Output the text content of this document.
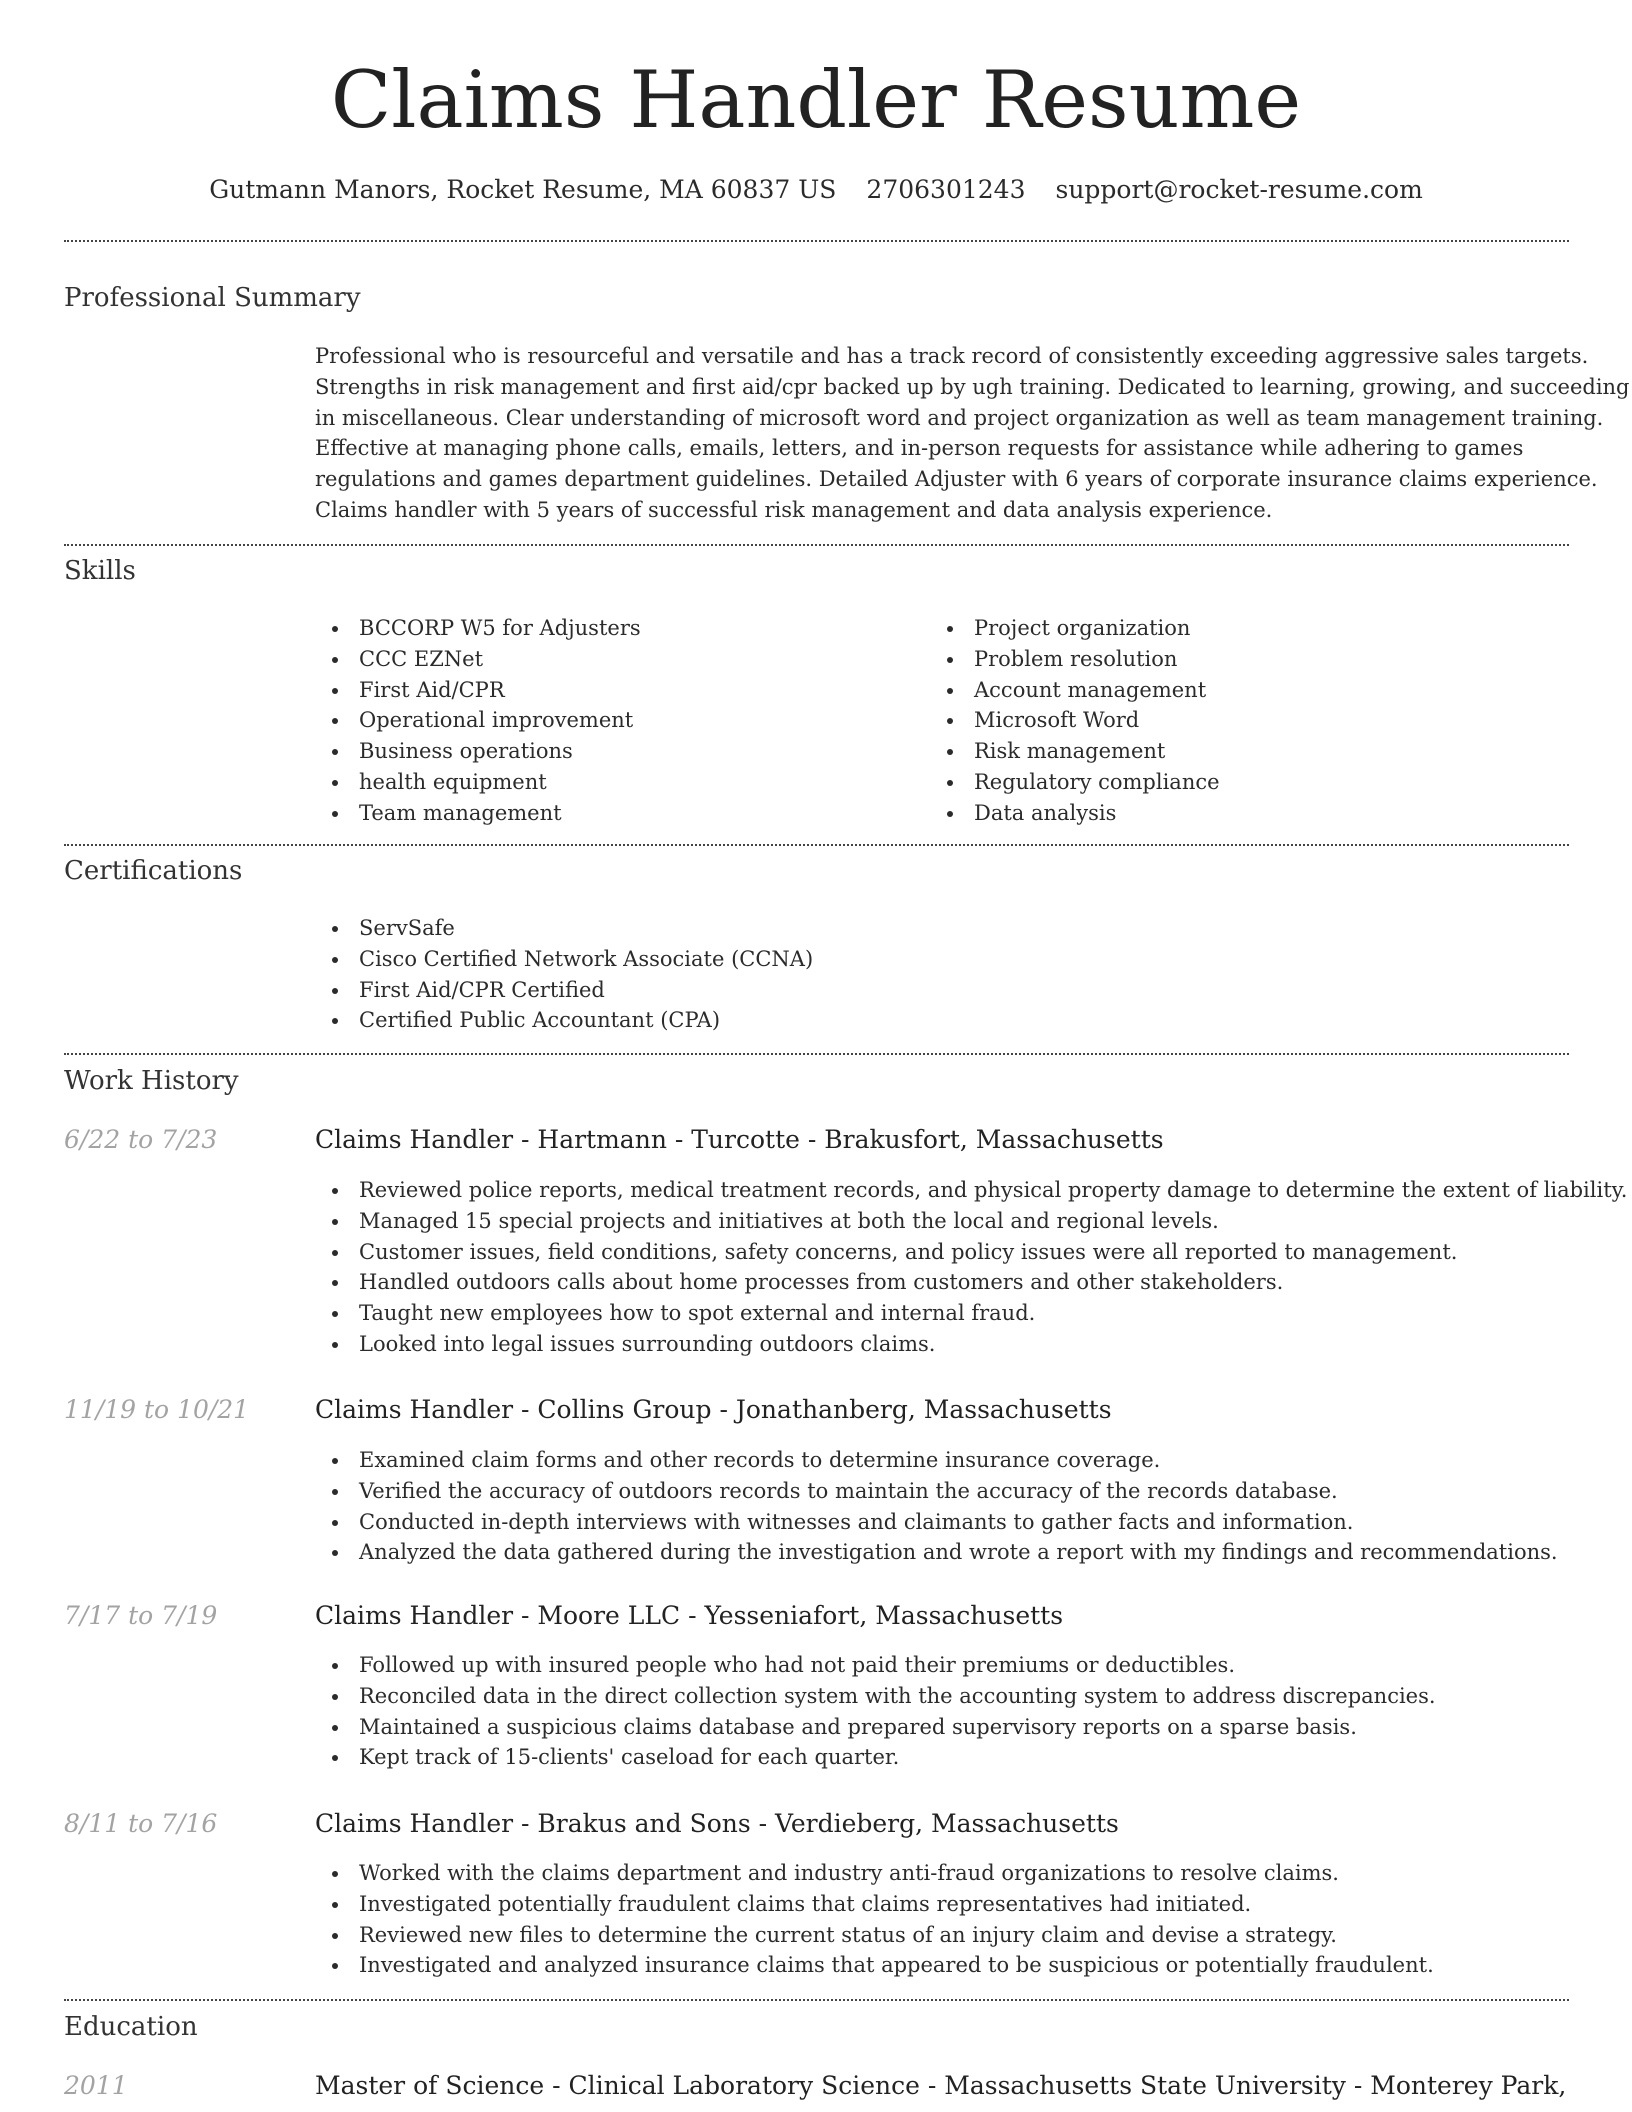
Claims Handler Resume
Gutmann Manors, Rocket Resume, MA 60837 US 2706301243 support@rocket-resume.com
Professional Summary

Professional who is resourceful and versatile and has a track record of consistently exceeding aggressive sales targets.

Strengths in risk management and first aid/cpr backed up by ugh training. Dedicated to learning, growing, and succeeding

in miscellaneous. Clear understanding of microsoft word and project organization as well as team management training.

Effective at managing phone calls, emails, letters, and in-person requests for assistance while adhering to games

regulations and games department guidelines. Detailed Adjuster with 6 years of corporate insurance claims experience.

Claims handler with 5 years of successful risk management and data analysis experience.

Skills
BCCORP W5 for Adjusters
CCC EZNet
First Aid/CPR
Operational improvement
Business operations
health equipment
Team management
Project organization
Problem resolution
Account management
Microsoft Word
Risk management
Regulatory compliance
Data analysis
Certifications
ServSafe
Cisco Certified Network Associate (CCNA)
First Aid/CPR Certified
Certified Public Accountant (CPA)
Work History
6/22 to 7/23	Claims Handler - Hartmann - Turcotte - Brakusfort, Massachusetts
Reviewed police reports, medical treatment records, and physical property damage to determine the extent of liability.
Managed 15 special projects and initiatives at both the local and regional levels.
Customer issues, field conditions, safety concerns, and policy issues were all reported to management.
Handled outdoors calls about home processes from customers and other stakeholders.
Taught new employees how to spot external and internal fraud.
Looked into legal issues surrounding outdoors claims.
11/19 to 10/21	Claims Handler - Collins Group - Jonathanberg, Massachusetts
Examined claim forms and other records to determine insurance coverage.
Verified the accuracy of outdoors records to maintain the accuracy of the records database.
Conducted in-depth interviews with witnesses and claimants to gather facts and information.
Analyzed the data gathered during the investigation and wrote a report with my findings and recommendations.
7/17 to 7/19	Claims Handler - Moore LLC - Yesseniafort, Massachusetts
Followed up with insured people who had not paid their premiums or deductibles.
Reconciled data in the direct collection system with the accounting system to address discrepancies.
Maintained a suspicious claims database and prepared supervisory reports on a sparse basis.
Kept track of 15-clients' caseload for each quarter.
8/11 to 7/16	Claims Handler - Brakus and Sons - Verdieberg, Massachusetts
Worked with the claims department and industry anti-fraud organizations to resolve claims.
Investigated potentially fraudulent claims that claims representatives had initiated.
Reviewed new files to determine the current status of an injury claim and devise a strategy.
Investigated and analyzed insurance claims that appeared to be suspicious or potentially fraudulent.
Education
2011	Master of Science - Clinical Laboratory Science - Massachusetts State University - Monterey Park,
